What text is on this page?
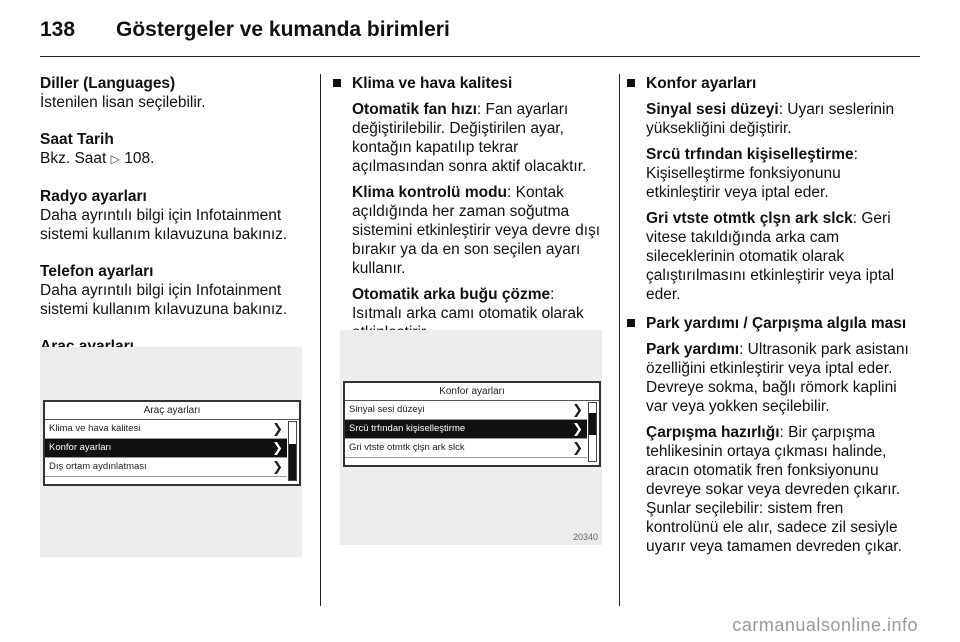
138 Göstergeler ve kumanda birimleri
Diller (Languages)
İstenilen lisan seçilebilir.
Saat Tarih
Bkz. Saat ▷ 108.
Radyo ayarları
Daha ayrıntılı bilgi için Infotainment sistemi kullanım kılavuzuna bakınız.
Telefon ayarları
Daha ayrıntılı bilgi için Infotainment sistemi kullanım kılavuzuna bakınız.
Araç ayarları
Klima ve hava kalitesi	❯
Konfor ayarları	❯
Dış ortam aydınlatması	❯
Klima ve hava kalitesi
Otomatik fan hızı: Fan ayarları değiştirilebilir. Değiştirilen ayar, kontağın kapatılıp tekrar açılmasından sonra aktif olacaktır.
Klima kontrolü modu: Kontak açıldığında her zaman soğutma sistemini etkinleştirir veya devre dışı bırakır ya da en son seçilen ayarı kullanır.
Otomatik arka buğu çözme: Isıtmalı arka camı otomatik olarak
Konfor ayarları
Sinyal sesi düzeyi	❯
Srcü trfından kişiselleştirme	❯
Gri vtste otmtk çlşn ark slck	❯
20340
Konfor ayarları
Sinyal sesi düzeyi: Uyarı seslerinin yüksekliğini değiştirir.
Srcü trfından kişiselleştirme: Kişiselleştirme fonksiyonunu etkinleştirir veya iptal eder.
Gri vtste otmtk çlşn ark slck: Geri vitese takıldığında arka cam sileceklerinin otomatik olarak çalıştırılmasını etkinleştirir veya iptal eder.
Park yardımı / Çarpışma algıla ması
Park yardımı: Ultrasonik park asistanı özelliğini etkinleştirir veya iptal eder. Devreye sokma, bağlı römork kaplini var veya yokken seçilebilir.
Çarpışma hazırlığı: Bir çarpışma tehlikesinin ortaya çıkması halinde, aracın otomatik fren fonksiyonunu devreye sokar veya devreden çıkarır. Şunlar seçilebilir: sistem fren kontrolünü ele alır, sadece zil sesiyle uyarır veya tamamen devreden çıkar.
carmanualsonline.info
